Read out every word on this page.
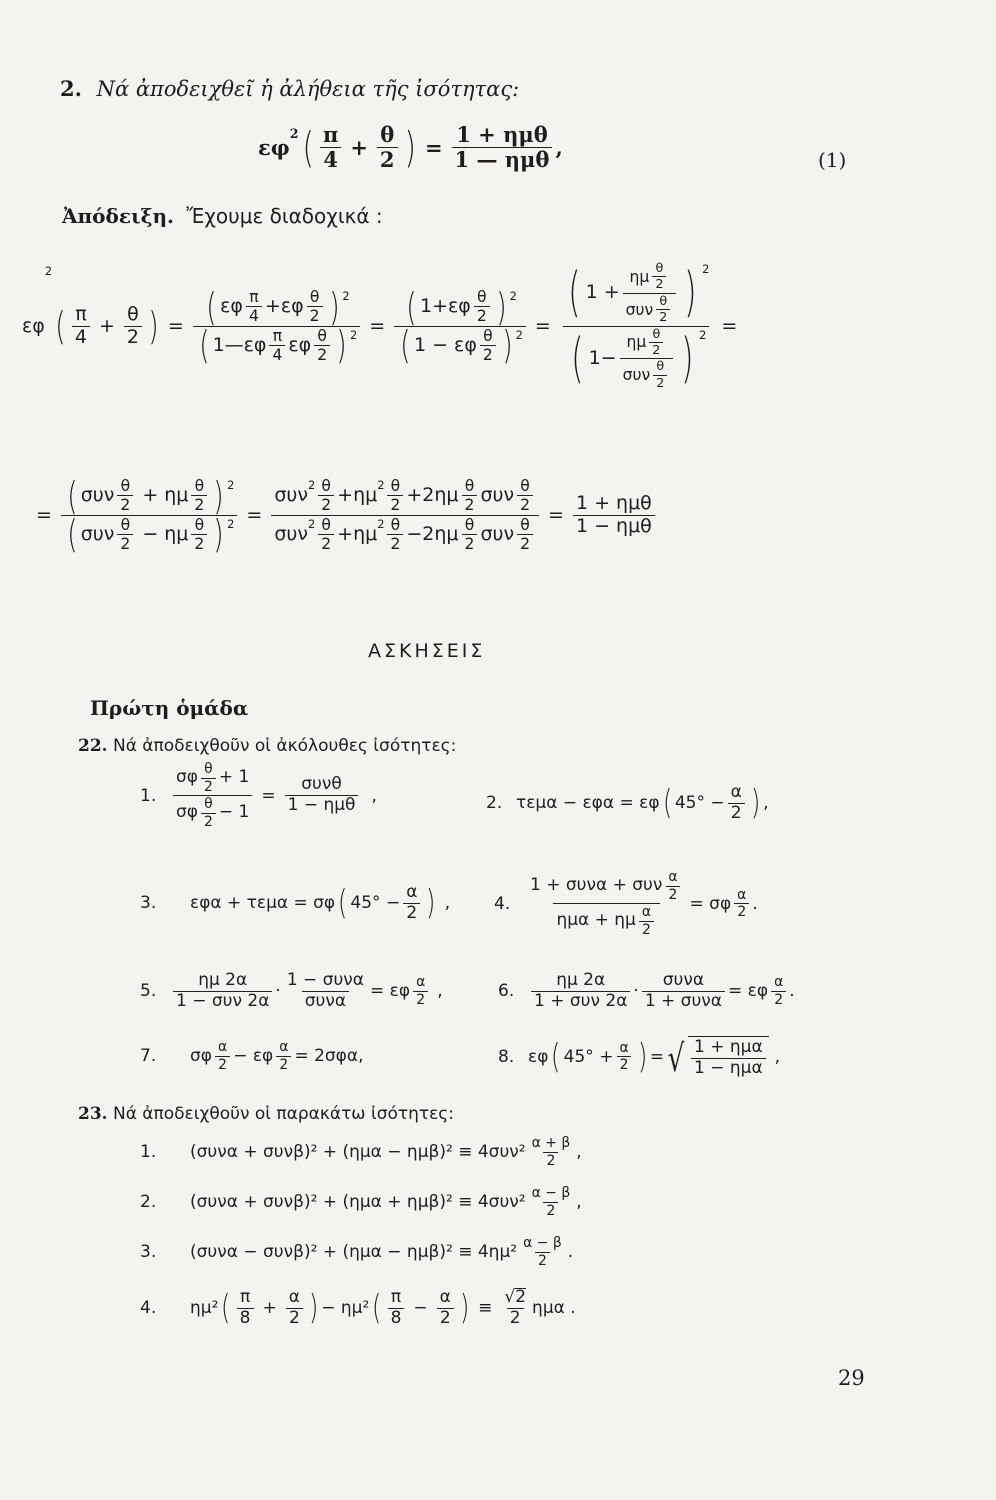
2. Νά ἀποδειχθεῖ ἡ ἀλήθεια τῆς ἰσότητας:
εφ
2 ( $\frac{\pi}{4} + \frac{\theta}{2}$ ) =
1 + ημθ
1 — ημθ ,	(1)
Ἀπόδειξη. Ἔχουμε διαδοχικά :
εφ
2
( $\frac{\pi}{4} + \frac{\theta}{2}$ ) = ( εφ $\frac{\pi}{4} + \varepsilon\varphi \frac{\theta}{2}$ ) 2
( 1—εφ $\frac{\pi}{4}$ εφ $\frac{\theta}{2}$ ) $2 = \frac{( 1+\varepsilon\varphi \frac{\theta}{2} ) 2}{( 1 - \varepsilon\varphi \frac{\theta}{2} ) 2}$ =
( 1 +
ημ $\frac{\theta}{2}$
συν $\frac{\theta}{2}$ ) 2
( 1−
ημ $\frac{\theta}{2}$
συν $\frac{\theta}{2}$ ) 2 =
= ( συν $\frac{\theta}{2} + \eta\mu \frac{\theta}{2}$ ) 2
( συν $\frac{\theta}{2} - \eta\mu \frac{\theta}{2}$ ) 2 =
συν $2 \frac{\theta}{2} + \eta\mu$ $2 \frac{\theta}{2} + 2\eta\mu \frac{\theta}{2}$ συν $\frac{\theta}{2}$
συν $2 \frac{\theta}{2} + \eta\mu$ $2 \frac{\theta}{2} - 2\eta\mu \frac{\theta}{2}$ συν $\frac{\theta}{2}$
=
1 + ημθ
1 − ημθ
ΑΣΚΗΣΕΙΣ
Πρώτη ὁμάδα
22. Νά ἀποδειχθοῦν οἱ ἀκόλουθες ἰσότητες:
1.
σφ θ
2 + 1
σφ θ
2 − 1
=
συνθ
1 − ημθ ,	2. τεμα − εφα = εφ ( $45^\circ - \frac{\alpha}{2}$ ) ,
3.	εφα + τεμα = σφ ( $45^\circ - \frac{\alpha}{2}$ ) ,	4.
1 + συνα + συν α
2
ημα + ημ α
2
= σφ α
2 .
5.
ημ 2α
1 − συν 2α ·
1 − συνα
συνα = εφ α
2 ,	6.
ημ 2α
1 + συν 2α ·
συνα
1 + συνα = εφ α
2 .
7.	σφ α
2 − εφ $\frac{\alpha}{2} = 2\sigma\varphi\alpha$,	8. εφ ( $45^\circ + \frac{\alpha}{2}$ ) = √ 1 + ημα
1 − ημα
,
23. Νά ἀποδειχθοῦν οἱ παρακάτω ἰσότητες:
1.	$(\sigma\upsilon\nu\alpha + \sigma\upsilon\nu\beta)^2 + (\eta\mu\alpha - \eta\mu\beta)^2 \equiv 4\sigma\upsilon\nu^2 \frac{\alpha + \beta}{2}$ ,
2.	$(\sigma\upsilon\nu\alpha + \sigma\upsilon\nu\beta)^2 + (\eta\mu\alpha + \eta\mu\beta)^2 \equiv 4\sigma\upsilon\nu^2 \frac{\alpha - \beta}{2}$ ,
3.	$(\sigma\upsilon\nu\alpha - \sigma\upsilon\nu\beta)^2 + (\eta\mu\alpha - \eta\mu\beta)^2 \equiv 4\eta\mu^2 \frac{\alpha - \beta}{2}$ .
4.	ημ² ( $\frac{\pi}{8} + \frac{\alpha}{2}$ ) − ημ² ( $\frac{\pi}{8} - \frac{\alpha}{2}$ ) ≡
√ 2
2
ημα .
29
